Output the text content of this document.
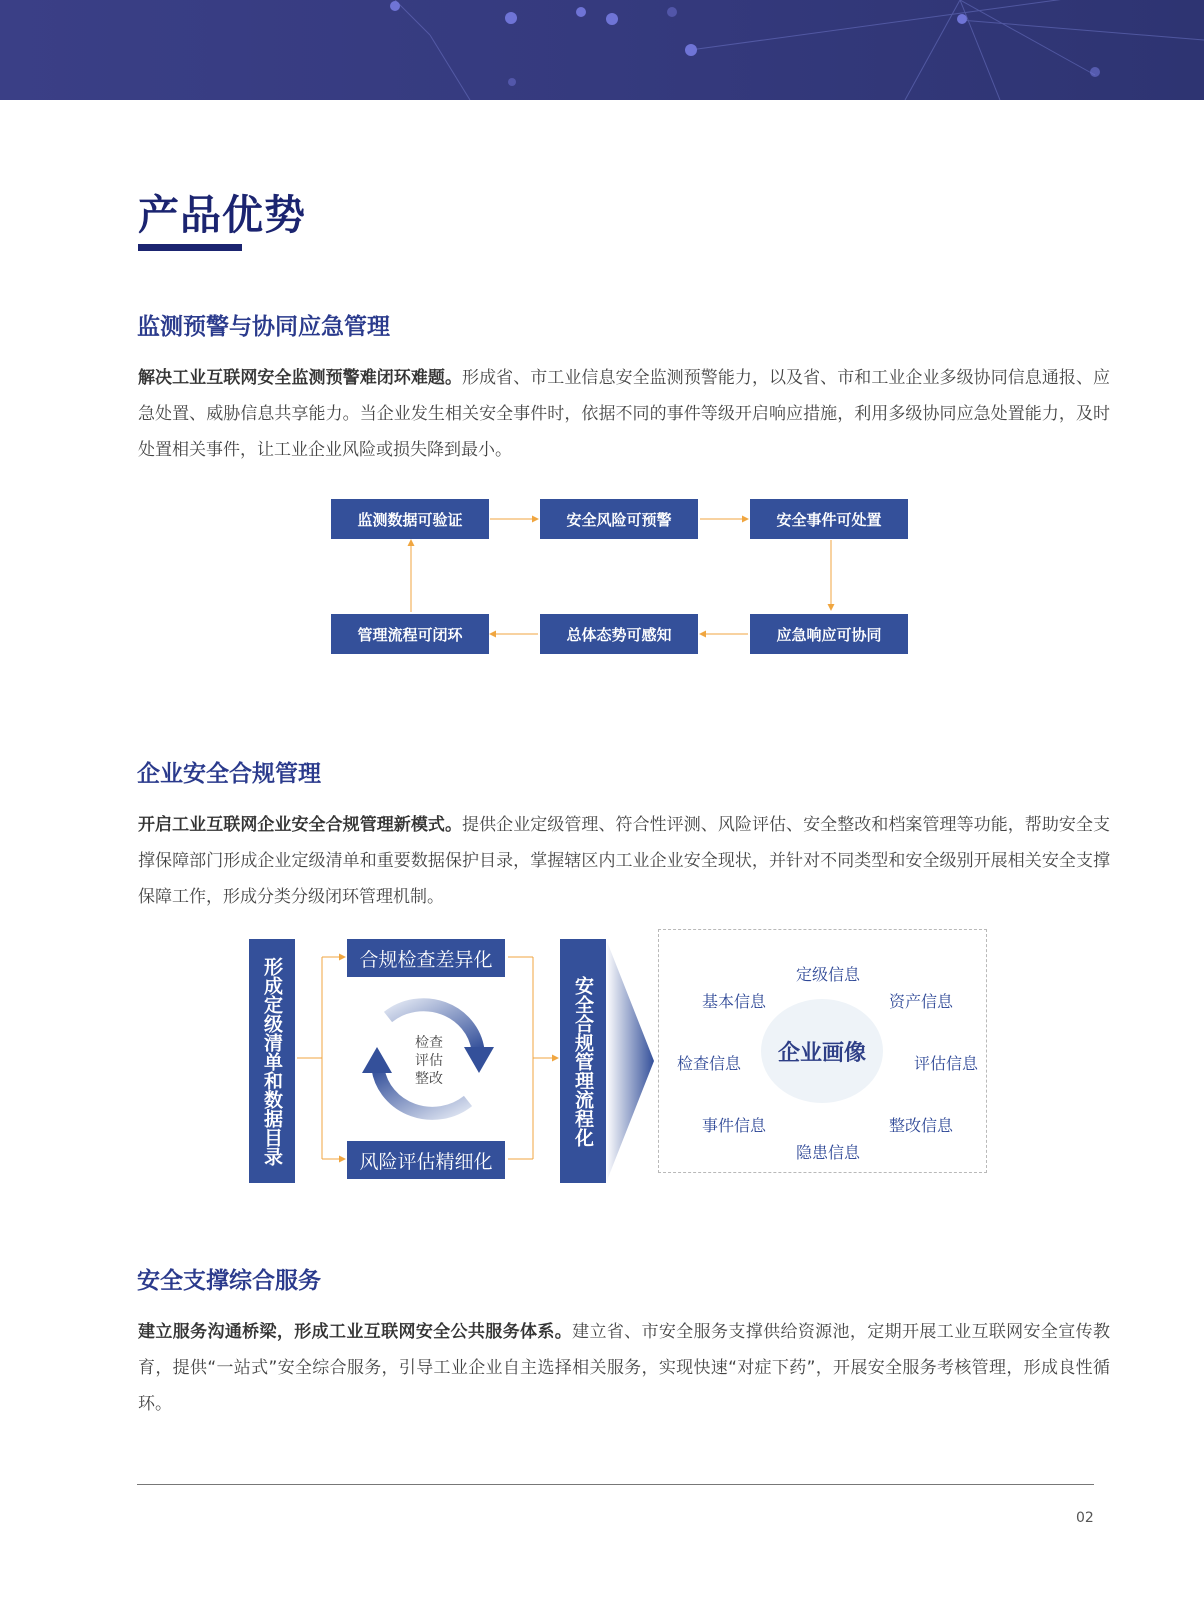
产品优势
监测预警与协同应急管理
解决工业互联网安全监测预警难闭环难题。形成省、市工业信息安全监测预警能力，以及省、市和工业企业多级协同信息通报、应急处置、威胁信息共享能力。当企业发生相关安全事件时，依据不同的事件等级开启响应措施，利用多级协同应急处置能力，及时处置相关事件，让工业企业风险或损失降到最小。
监测数据可验证	安全风险可预警	安全事件可处置
应急响应可协同
总体态势可感知
管理流程可闭环
企业安全合规管理
开启工业互联网企业安全合规管理新模式。提供企业定级管理、符合性评测、风险评估、安全整改和档案管理等功能，帮助安全支撑保障部门形成企业定级清单和重要数据保护目录，掌握辖区内工业企业安全现状，并针对不同类型和安全级别开展相关安全支撑保障工作，形成分类分级闭环管理机制。
形成定级清单和数据目录	合规检查差异化
风险评估精细化
检查
评估
整改	安全合规管理流程化	企业画像
定级信息
资产信息
评估信息
整改信息
隐患信息
事件信息
检查信息
基本信息
安全支撑综合服务
建立服务沟通桥梁，形成工业互联网安全公共服务体系。建立省、市安全服务支撑供给资源池，定期开展工业互联网安全宣传教育，提供“一站式”安全综合服务，引导工业企业自主选择相关服务，实现快速“对症下药”，开展安全服务考核管理，形成良性循环。
02
